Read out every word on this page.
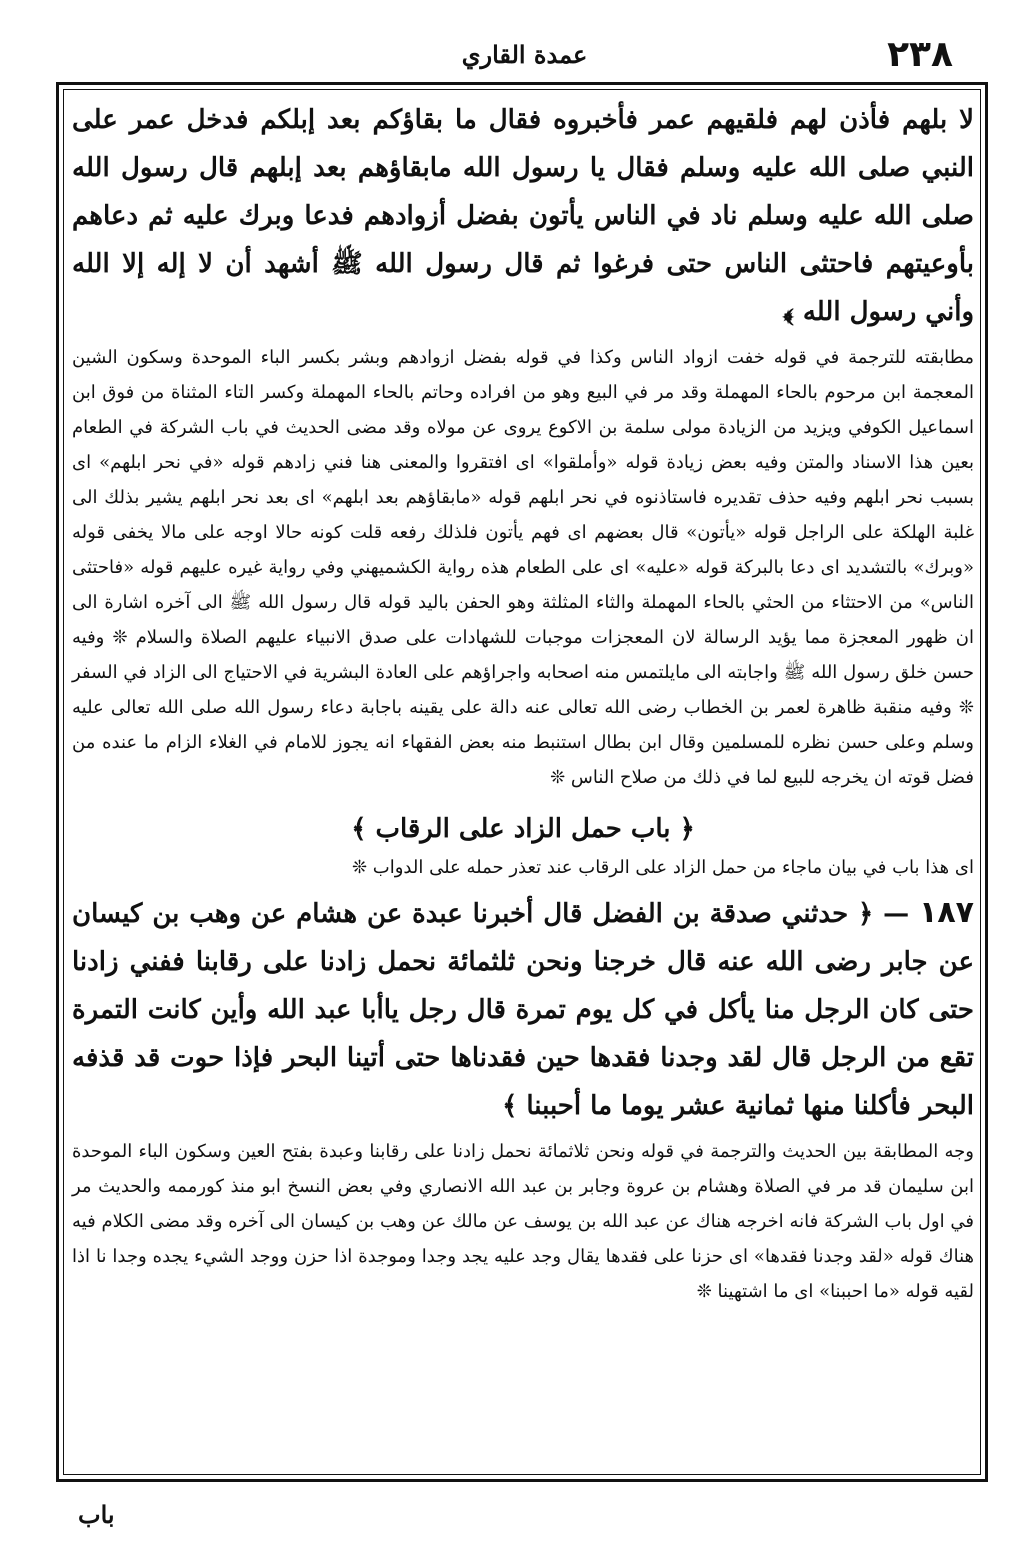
٢٣٨
عمدة القاري

لا بلهم فأذن لهم فلقيهم عمر فأخبروه فقال ما بقاؤكم بعد إبلكم فدخل عمر على النبي صلى الله عليه وسلم فقال يا رسول الله مابقاؤهم بعد إبلهم قال رسول الله صلى الله عليه وسلم ناد في الناس يأتون بفضل أزوادهم فدعا وبرك عليه ثم دعاهم بأوعيتهم فاحتثى الناس حتى فرغوا ثم قال رسول الله ﷺ أشهد أن لا إله إلا الله وأني رسول الله ﴾

مطابقته للترجمة في قوله خفت ازواد الناس وكذا في قوله بفضل ازوادهم وبشر بكسر الباء الموحدة وسكون الشين المعجمة ابن مرحوم بالحاء المهملة وقد مر في البيع وهو من افراده وحاتم بالحاء المهملة وكسر التاء المثناة من فوق ابن اسماعيل الكوفي ويزيد من الزيادة مولى سلمة بن الاكوع يروى عن مولاه وقد مضى الحديث في باب الشركة في الطعام بعين هذا الاسناد والمتن وفيه بعض زيادة قوله «وأملقوا» اى افتقروا والمعنى هنا فني زادهم قوله «في نحر ابلهم» اى بسبب نحر ابلهم وفيه حذف تقديره فاستاذنوه في نحر ابلهم قوله «مابقاؤهم بعد ابلهم» اى بعد نحر ابلهم يشير بذلك الى غلبة الهلكة على الراجل قوله «يأتون» قال بعضهم اى فهم يأتون فلذلك رفعه قلت كونه حالا اوجه على مالا يخفى قوله «وبرك» بالتشديد اى دعا بالبركة قوله «عليه» اى على الطعام هذه رواية الكشميهني وفي رواية غيره عليهم قوله «فاحتثى الناس» من الاحتثاء من الحثي بالحاء المهملة والثاء المثلثة وهو الحفن باليد قوله قال رسول الله ﷺ الى آخره اشارة الى ان ظهور المعجزة مما يؤيد الرسالة لان المعجزات موجبات للشهادات على صدق الانبياء عليهم الصلاة والسلام ❊ وفيه حسن خلق رسول الله ﷺ واجابته الى مايلتمس منه اصحابه واجراؤهم على العادة البشرية في الاحتياج الى الزاد في السفر ❊ وفيه منقبة ظاهرة لعمر بن الخطاب رضى الله تعالى عنه دالة على يقينه باجابة دعاء رسول الله صلى الله تعالى عليه وسلم وعلى حسن نظره للمسلمين وقال ابن بطال استنبط منه بعض الفقهاء انه يجوز للامام في الغلاء الزام ما عنده من فضل قوته ان يخرجه للبيع لما في ذلك من صلاح الناس ❊

﴿ باب حمل الزاد على الرقاب ﴾

اى هذا باب في بيان ماجاء من حمل الزاد على الرقاب عند تعذر حمله على الدواب ❊

١٨٧ — ﴿ حدثني صدقة بن الفضل قال أخبرنا عبدة عن هشام عن وهب بن كيسان عن جابر رضى الله عنه قال خرجنا ونحن ثلثمائة نحمل زادنا على رقابنا ففني زادنا حتى كان الرجل منا يأكل في كل يوم تمرة قال رجل ياأبا عبد الله وأين كانت التمرة تقع من الرجل قال لقد وجدنا فقدها حين فقدناها حتى أتينا البحر فإذا حوت قد قذفه البحر فأكلنا منها ثمانية عشر يوما ما أحببنا ﴾

وجه المطابقة بين الحديث والترجمة في قوله ونحن ثلاثمائة نحمل زادنا على رقابنا وعبدة بفتح العين وسكون الباء الموحدة ابن سليمان قد مر في الصلاة وهشام بن عروة وجابر بن عبد الله الانصاري وفي بعض النسخ ابو منذ كورممه والحديث مر في اول باب الشركة فانه اخرجه هناك عن عبد الله بن يوسف عن مالك عن وهب بن كيسان الى آخره وقد مضى الكلام فيه هناك قوله «لقد وجدنا فقدها» اى حزنا على فقدها يقال وجد عليه يجد وجدا وموجدة اذا حزن ووجد الشيء يجده وجدا نا اذا لقيه قوله «ما احببنا» اى ما اشتهينا ❊

باب
